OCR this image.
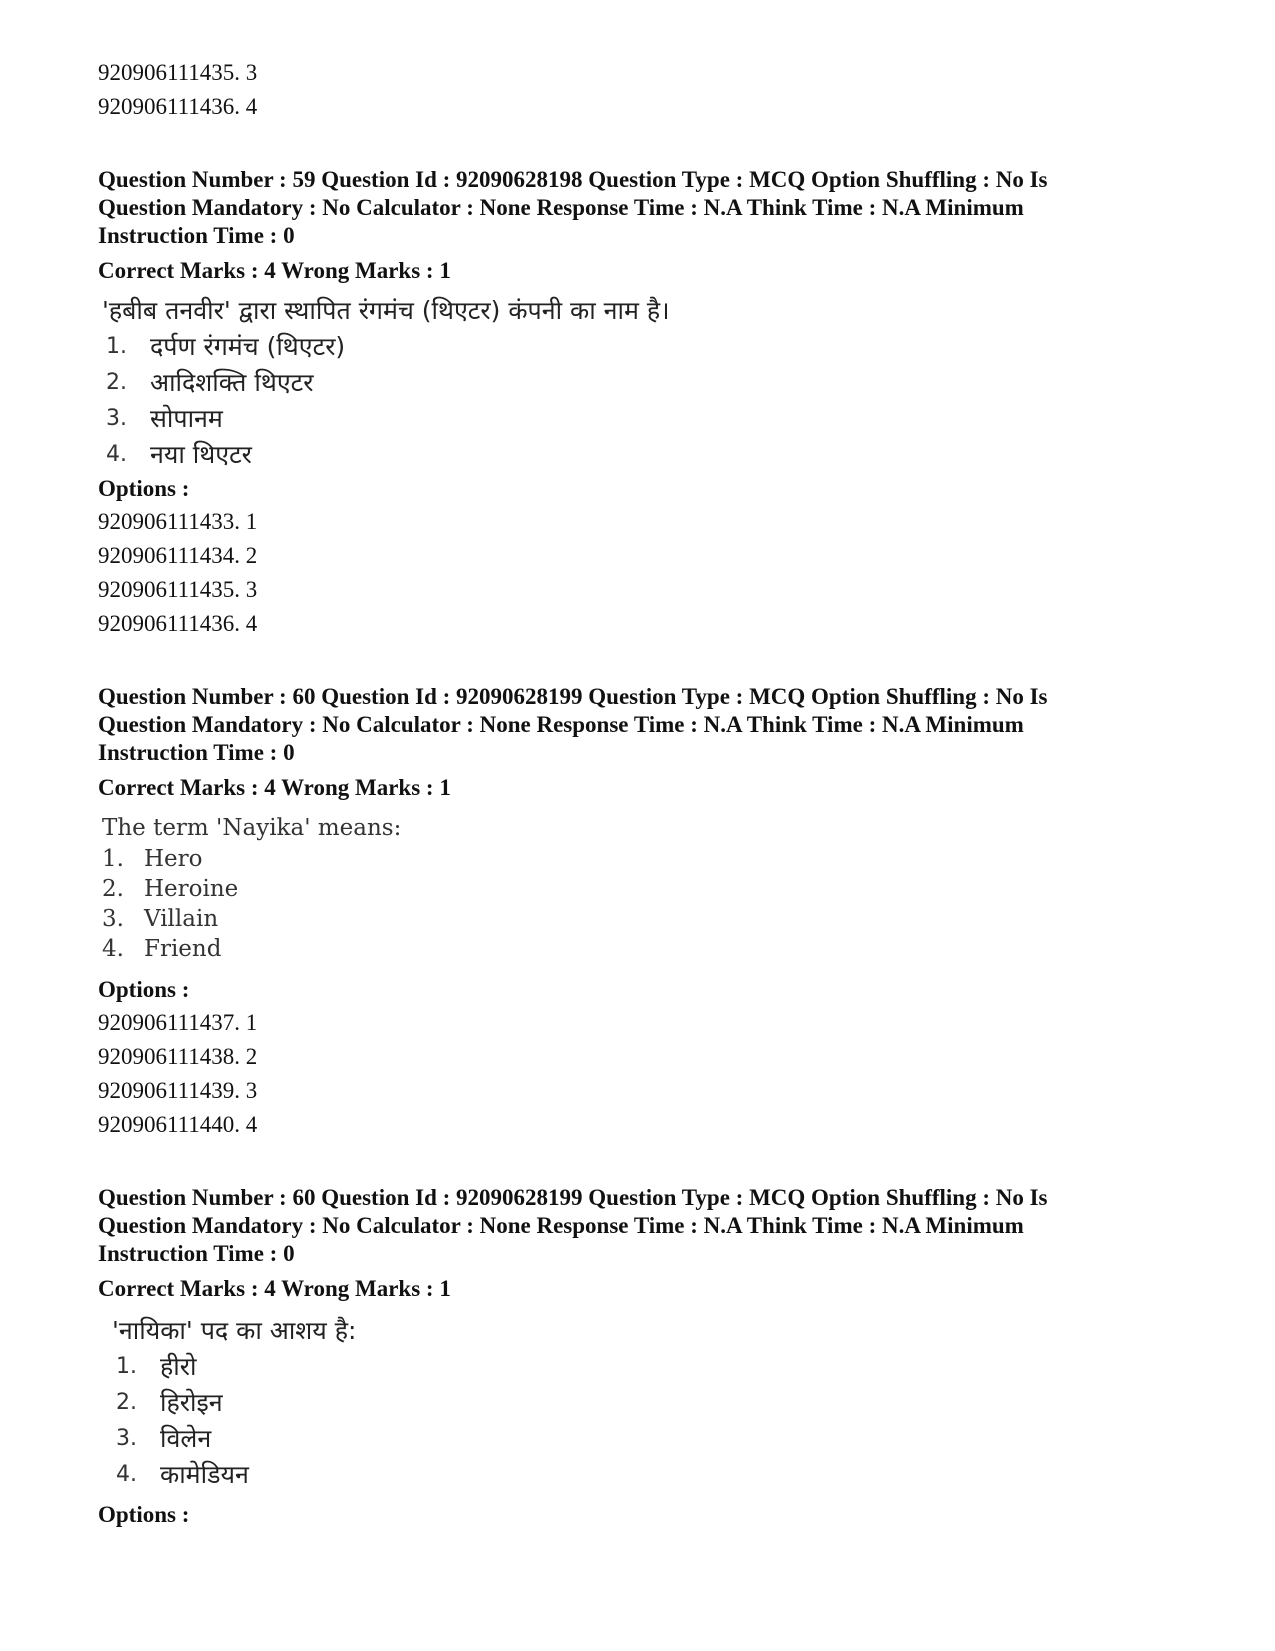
920906111435. 3
920906111436. 4
Question Number : 59 Question Id : 92090628198 Question Type : MCQ Option Shuffling : No Is Question Mandatory : No Calculator : None Response Time : N.A Think Time : N.A Minimum Instruction Time : 0
Correct Marks : 4 Wrong Marks : 1
'हबीब तनवीर' द्वारा स्थापित रंगमंच (थिएटर) कंपनी का नाम है।
1. दर्पण रंगमंच (थिएटर)
2. आदिशक्ति थिएटर
3. सोपानम
4. नया थिएटर
Options :
920906111433. 1
920906111434. 2
920906111435. 3
920906111436. 4
Question Number : 60 Question Id : 92090628199 Question Type : MCQ Option Shuffling : No Is Question Mandatory : No Calculator : None Response Time : N.A Think Time : N.A Minimum Instruction Time : 0
Correct Marks : 4 Wrong Marks : 1
The term 'Nayika' means:
1. Hero
2. Heroine
3. Villain
4. Friend
Options :
920906111437. 1
920906111438. 2
920906111439. 3
920906111440. 4
Question Number : 60 Question Id : 92090628199 Question Type : MCQ Option Shuffling : No Is Question Mandatory : No Calculator : None Response Time : N.A Think Time : N.A Minimum Instruction Time : 0
Correct Marks : 4 Wrong Marks : 1
'नायिका' पद का आशय है:
1. हीरो
2. हिरोइन
3. विलेन
4. कामेडियन
Options :
